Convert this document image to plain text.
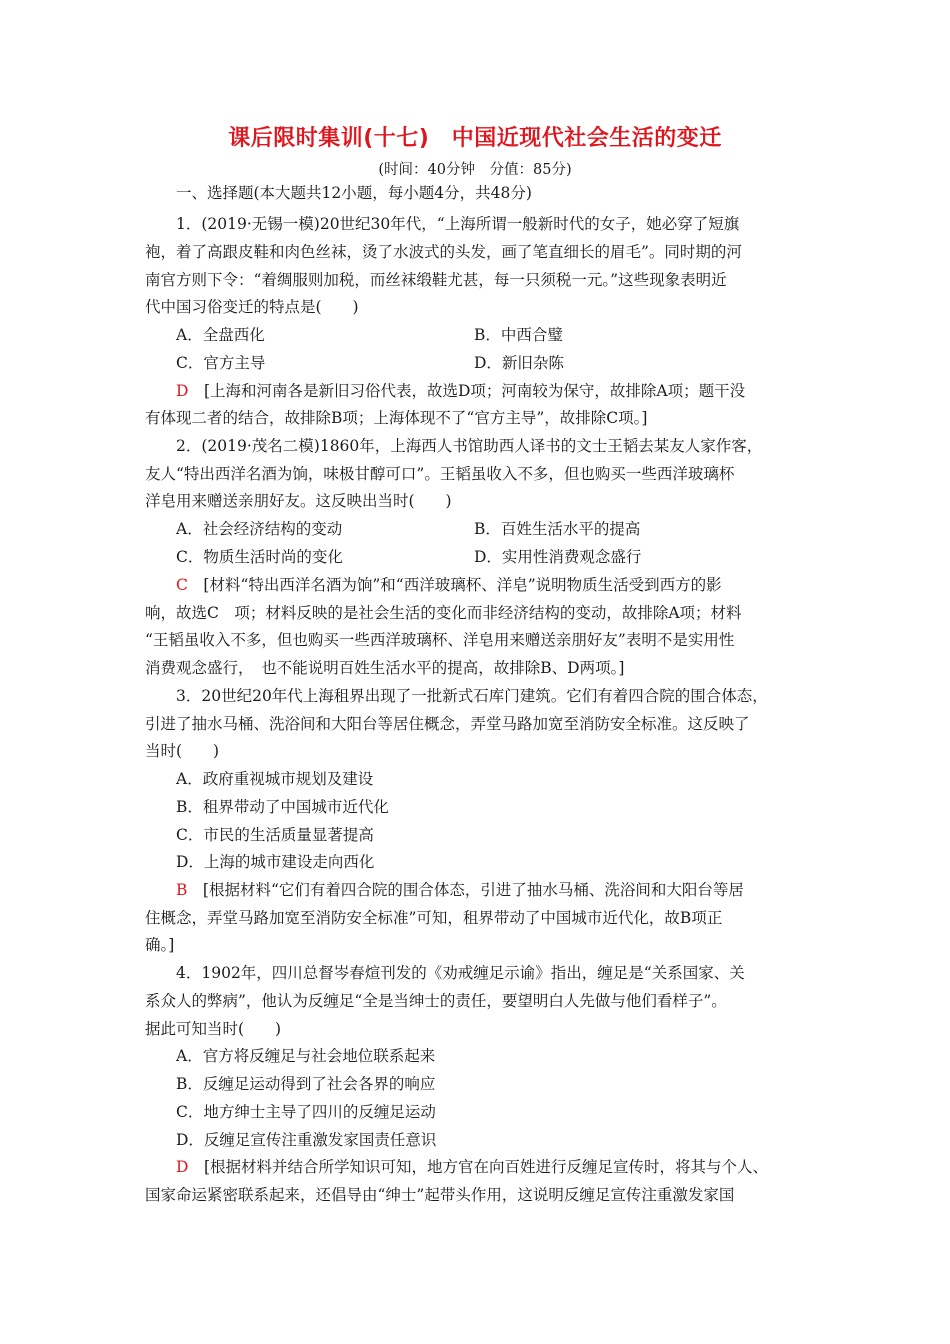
课后限时集训(十七)　中国近现代社会生活的变迁
(时间：40分钟　分值：85分)
一、选择题(本大题共12小题，每小题4分，共48分)
1．(2019·无锡一模)20世纪30年代，“上海所谓一般新时代的女子，她必穿了短旗
袍，着了高跟皮鞋和肉色丝袜，烫了水波式的头发，画了笔直细长的眉毛”。同时期的河
南官方则下令：“着绸服则加税，而丝袜缎鞋尤甚，每一只须税一元。”这些现象表明近
代中国习俗变迁的特点是(　　)
A．全盘西化	B．中西合璧
C．官方主导	D．新旧杂陈
D　 [上海和河南各是新旧习俗代表，故选D项；河南较为保守，故排除A项；题干没
有体现二者的结合，故排除B项；上海体现不了“官方主导”，故排除C项。]
2．(2019·茂名二模)1860年，上海西人书馆助西人译书的文士王韬去某友人家作客，
友人“特出西洋名酒为饷，味极甘醇可口”。王韬虽收入不多，但也购买一些西洋玻璃杯
洋皂用来赠送亲朋好友。这反映出当时(　　)
A．社会经济结构的变动	B．百姓生活水平的提高
C．物质生活时尚的变化	D．实用性消费观念盛行
C　 [材料“特出西洋名酒为饷”和“西洋玻璃杯、洋皂”说明物质生活受到西方的影
响，故选C　项；材料反映的是社会生活的变化而非经济结构的变动，故排除A项；材料
“王韬虽收入不多，但也购买一些西洋玻璃杯、洋皂用来赠送亲朋好友”表明不是实用性
消费观念盛行，　也不能说明百姓生活水平的提高，故排除B、D两项。]
3．20世纪20年代上海租界出现了一批新式石库门建筑。它们有着四合院的围合体态，
引进了抽水马桶、洗浴间和大阳台等居住概念，弄堂马路加宽至消防安全标准。这反映了
当时(　　)
A．政府重视城市规划及建设
B．租界带动了中国城市近代化
C．市民的生活质量显著提高
D．上海的城市建设走向西化
B　 [根据材料“它们有着四合院的围合体态，引进了抽水马桶、洗浴间和大阳台等居
住概念，弄堂马路加宽至消防安全标准”可知，租界带动了中国城市近代化，故B项正
确。]
4．1902年，四川总督岑春煊刊发的《劝戒缠足示谕》指出，缠足是“关系国家、关
系众人的弊病”，他认为反缠足“全是当绅士的责任，要望明白人先做与他们看样子”。
据此可知当时(　　)
A．官方将反缠足与社会地位联系起来
B．反缠足运动得到了社会各界的响应
C．地方绅士主导了四川的反缠足运动
D．反缠足宣传注重激发家国责任意识
D　 [根据材料并结合所学知识可知，地方官在向百姓进行反缠足宣传时，将其与个人、
国家命运紧密联系起来，还倡导由“绅士”起带头作用，这说明反缠足宣传注重激发家国
